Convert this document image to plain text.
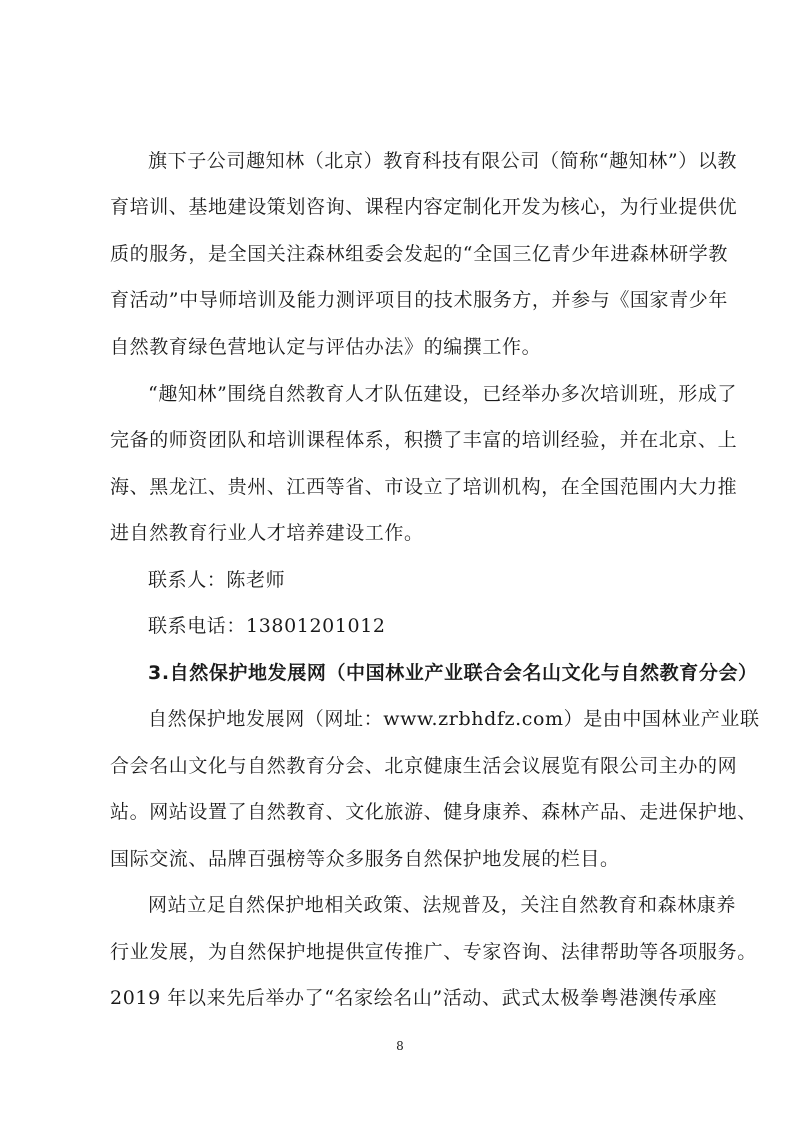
旗下子公司趣知林（北京）教育科技有限公司（简称“趣知林”）以教
育培训、基地建设策划咨询、课程内容定制化开发为核心，为行业提供优
质的服务，是全国关注森林组委会发起的“全国三亿青少年进森林研学教
育活动”中导师培训及能力测评项目的技术服务方，并参与《国家青少年
自然教育绿色营地认定与评估办法》的编撰工作。
“趣知林”围绕自然教育人才队伍建设，已经举办多次培训班，形成了
完备的师资团队和培训课程体系，积攒了丰富的培训经验，并在北京、上
海、黑龙江、贵州、江西等省、市设立了培训机构，在全国范围内大力推
进自然教育行业人才培养建设工作。
联系人：陈老师
联系电话：13801201012
3.自然保护地发展网（中国林业产业联合会名山文化与自然教育分会）
自然保护地发展网（网址：www.zrbhdfz.com）是由中国林业产业联
合会名山文化与自然教育分会、北京健康生活会议展览有限公司主办的网
站。网站设置了自然教育、文化旅游、健身康养、森林产品、走进保护地、
国际交流、品牌百强榜等众多服务自然保护地发展的栏目。
网站立足自然保护地相关政策、法规普及，关注自然教育和森林康养
行业发展，为自然保护地提供宣传推广、专家咨询、法律帮助等各项服务。
2019 年以来先后举办了“名家绘名山”活动、武式太极拳粤港澳传承座
8
